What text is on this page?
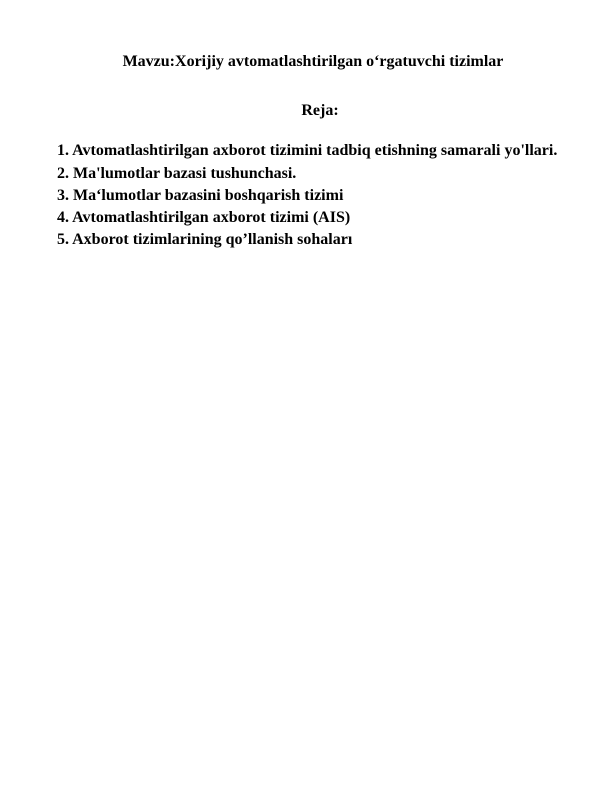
Mavzu:Xorijiy avtomatlashtirilgan o‘rgatuvchi tizimlar
Reja:
1. Avtomatlashtirilgan axborot tizimini tadbiq etishning samarali yo'llari.
2. Ma'lumotlar bazasi tushunchasi.
3. Ma‘lumotlar bazasini boshqarish tizimi
4. Avtomatlashtirilgan axborot tizimi (AIS)
5. Axborot tizimlarining qo’llanish sohaları
